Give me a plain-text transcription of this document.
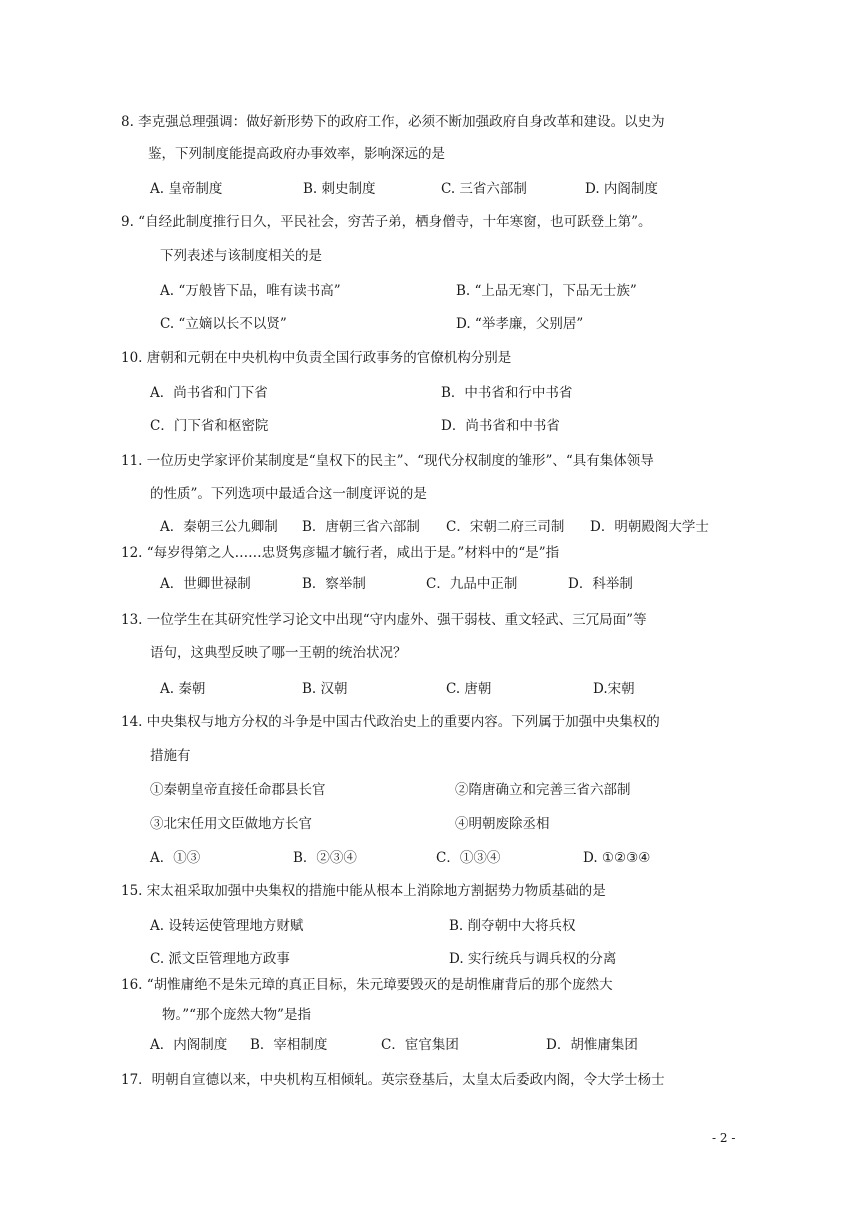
8. 李克强总理强调：做好新形势下的政府工作，必须不断加强政府自身改革和建设。以史为
鉴，下列制度能提高政府办事效率，影响深远的是
A. 皇帝制度	B. 刺史制度	C. 三省六部制	D. 内阁制度
9. “自经此制度推行日久，平民社会，穷苦子弟，栖身僧寺，十年寒窗，也可跃登上第”。
下列表述与该制度相关的是
A. “万般皆下品，唯有读书高”	B. “上品无寒门，下品无士族”
C. “立嫡以长不以贤”	D. “举孝廉，父别居”
10. 唐朝和元朝在中央机构中负责全国行政事务的官僚机构分别是
A．尚书省和门下省	B．中书省和行中书省
C．门下省和枢密院	D．尚书省和中书省
11. 一位历史学家评价某制度是“皇权下的民主”、“现代分权制度的雏形”、“具有集体领导
的性质”。下列选项中最适合这一制度评说的是
A．秦朝三公九卿制 B．唐朝三省六部制 C．宋朝二府三司制 D．明朝殿阁大学士
12. “每岁得第之人……忠贤隽彦韫才毓行者，咸出于是。”材料中的“是”指
A．世卿世禄制	B．察举制	C．九品中正制	D．科举制
13. 一位学生在其研究性学习论文中出现“守内虚外、强干弱枝、重文轻武、三冗局面”等
语句，这典型反映了哪一王朝的统治状况？
A. 秦朝	B. 汉朝	C. 唐朝	D.宋朝
14. 中央集权与地方分权的斗争是中国古代政治史上的重要内容。下列属于加强中央集权的
措施有
①秦朝皇帝直接任命郡县长官	②隋唐确立和完善三省六部制
③北宋任用文臣做地方长官	④明朝废除丞相
A．①③	B．②③④	C．①③④	D. ①②③④
15. 宋太祖采取加强中央集权的措施中能从根本上消除地方割据势力物质基础的是
A. 设转运使管理地方财赋	B. 削夺朝中大将兵权
C. 派文臣管理地方政事	D. 实行统兵与调兵权的分离
16. “胡惟庸绝不是朱元璋的真正目标，朱元璋要毁灭的是胡惟庸背后的那个庞然大
物。”“那个庞然大物”是指
A．内阁制度 B．宰相制度	C．宦官集团	D．胡惟庸集团
17．明朝自宣德以来，中央机构互相倾轧。英宗登基后，太皇太后委政内阁，令大学士杨士
- 2 -
